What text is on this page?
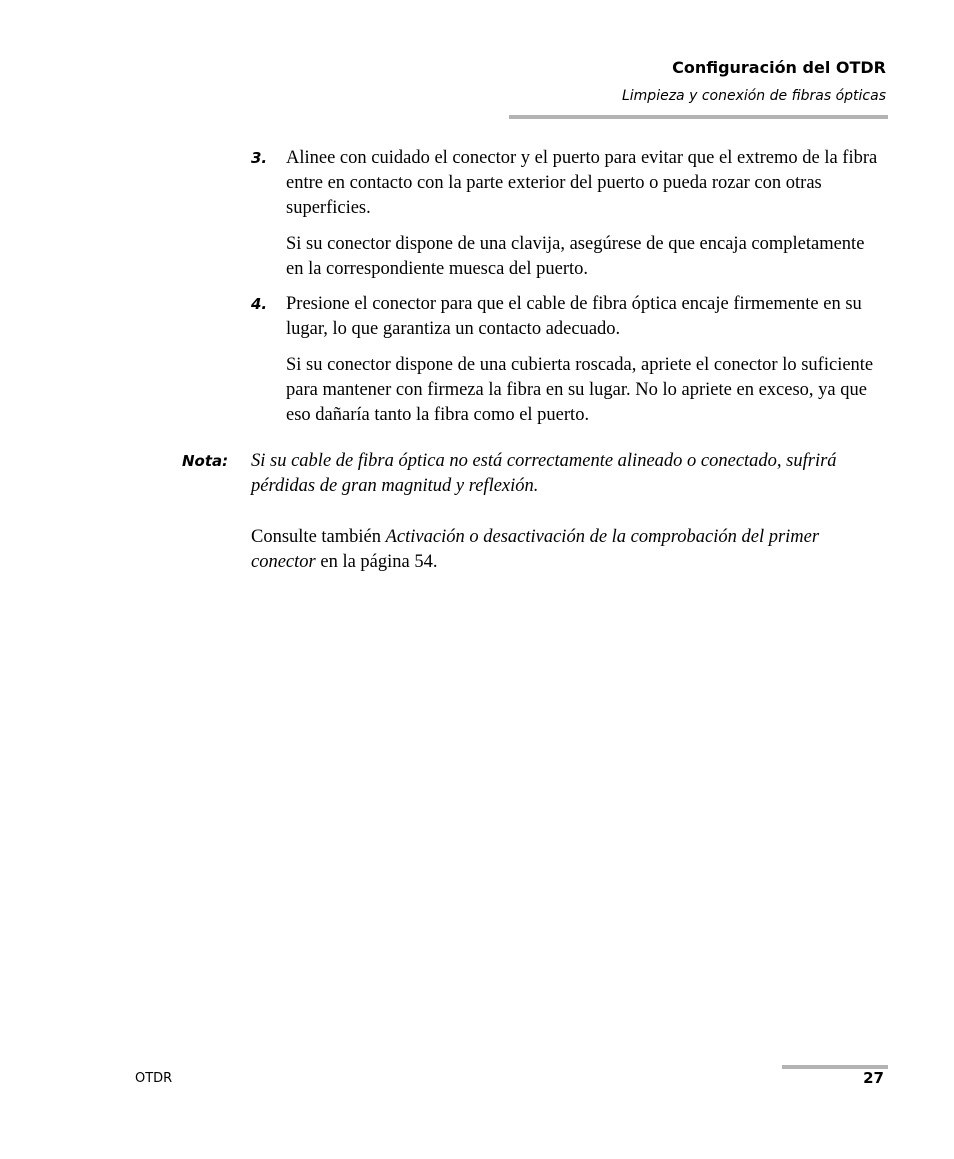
Configuración del OTDR
Limpieza y conexión de fibras ópticas
3. Alinee con cuidado el conector y el puerto para evitar que el extremo de la fibra entre en contacto con la parte exterior del puerto o pueda rozar con otras superficies.

Si su conector dispone de una clavija, asegúrese de que encaja completamente en la correspondiente muesca del puerto.

4. Presione el conector para que el cable de fibra óptica encaje firmemente en su lugar, lo que garantiza un contacto adecuado.

Si su conector dispone de una cubierta roscada, apriete el conector lo suficiente para mantener con firmeza la fibra en su lugar. No lo apriete en exceso, ya que eso dañaría tanto la fibra como el puerto.

Nota: Si su cable de fibra óptica no está correctamente alineado o conectado, sufrirá pérdidas de gran magnitud y reflexión.

Consulte también Activación o desactivación de la comprobación del primer conector en la página 54.

OTDR	27
